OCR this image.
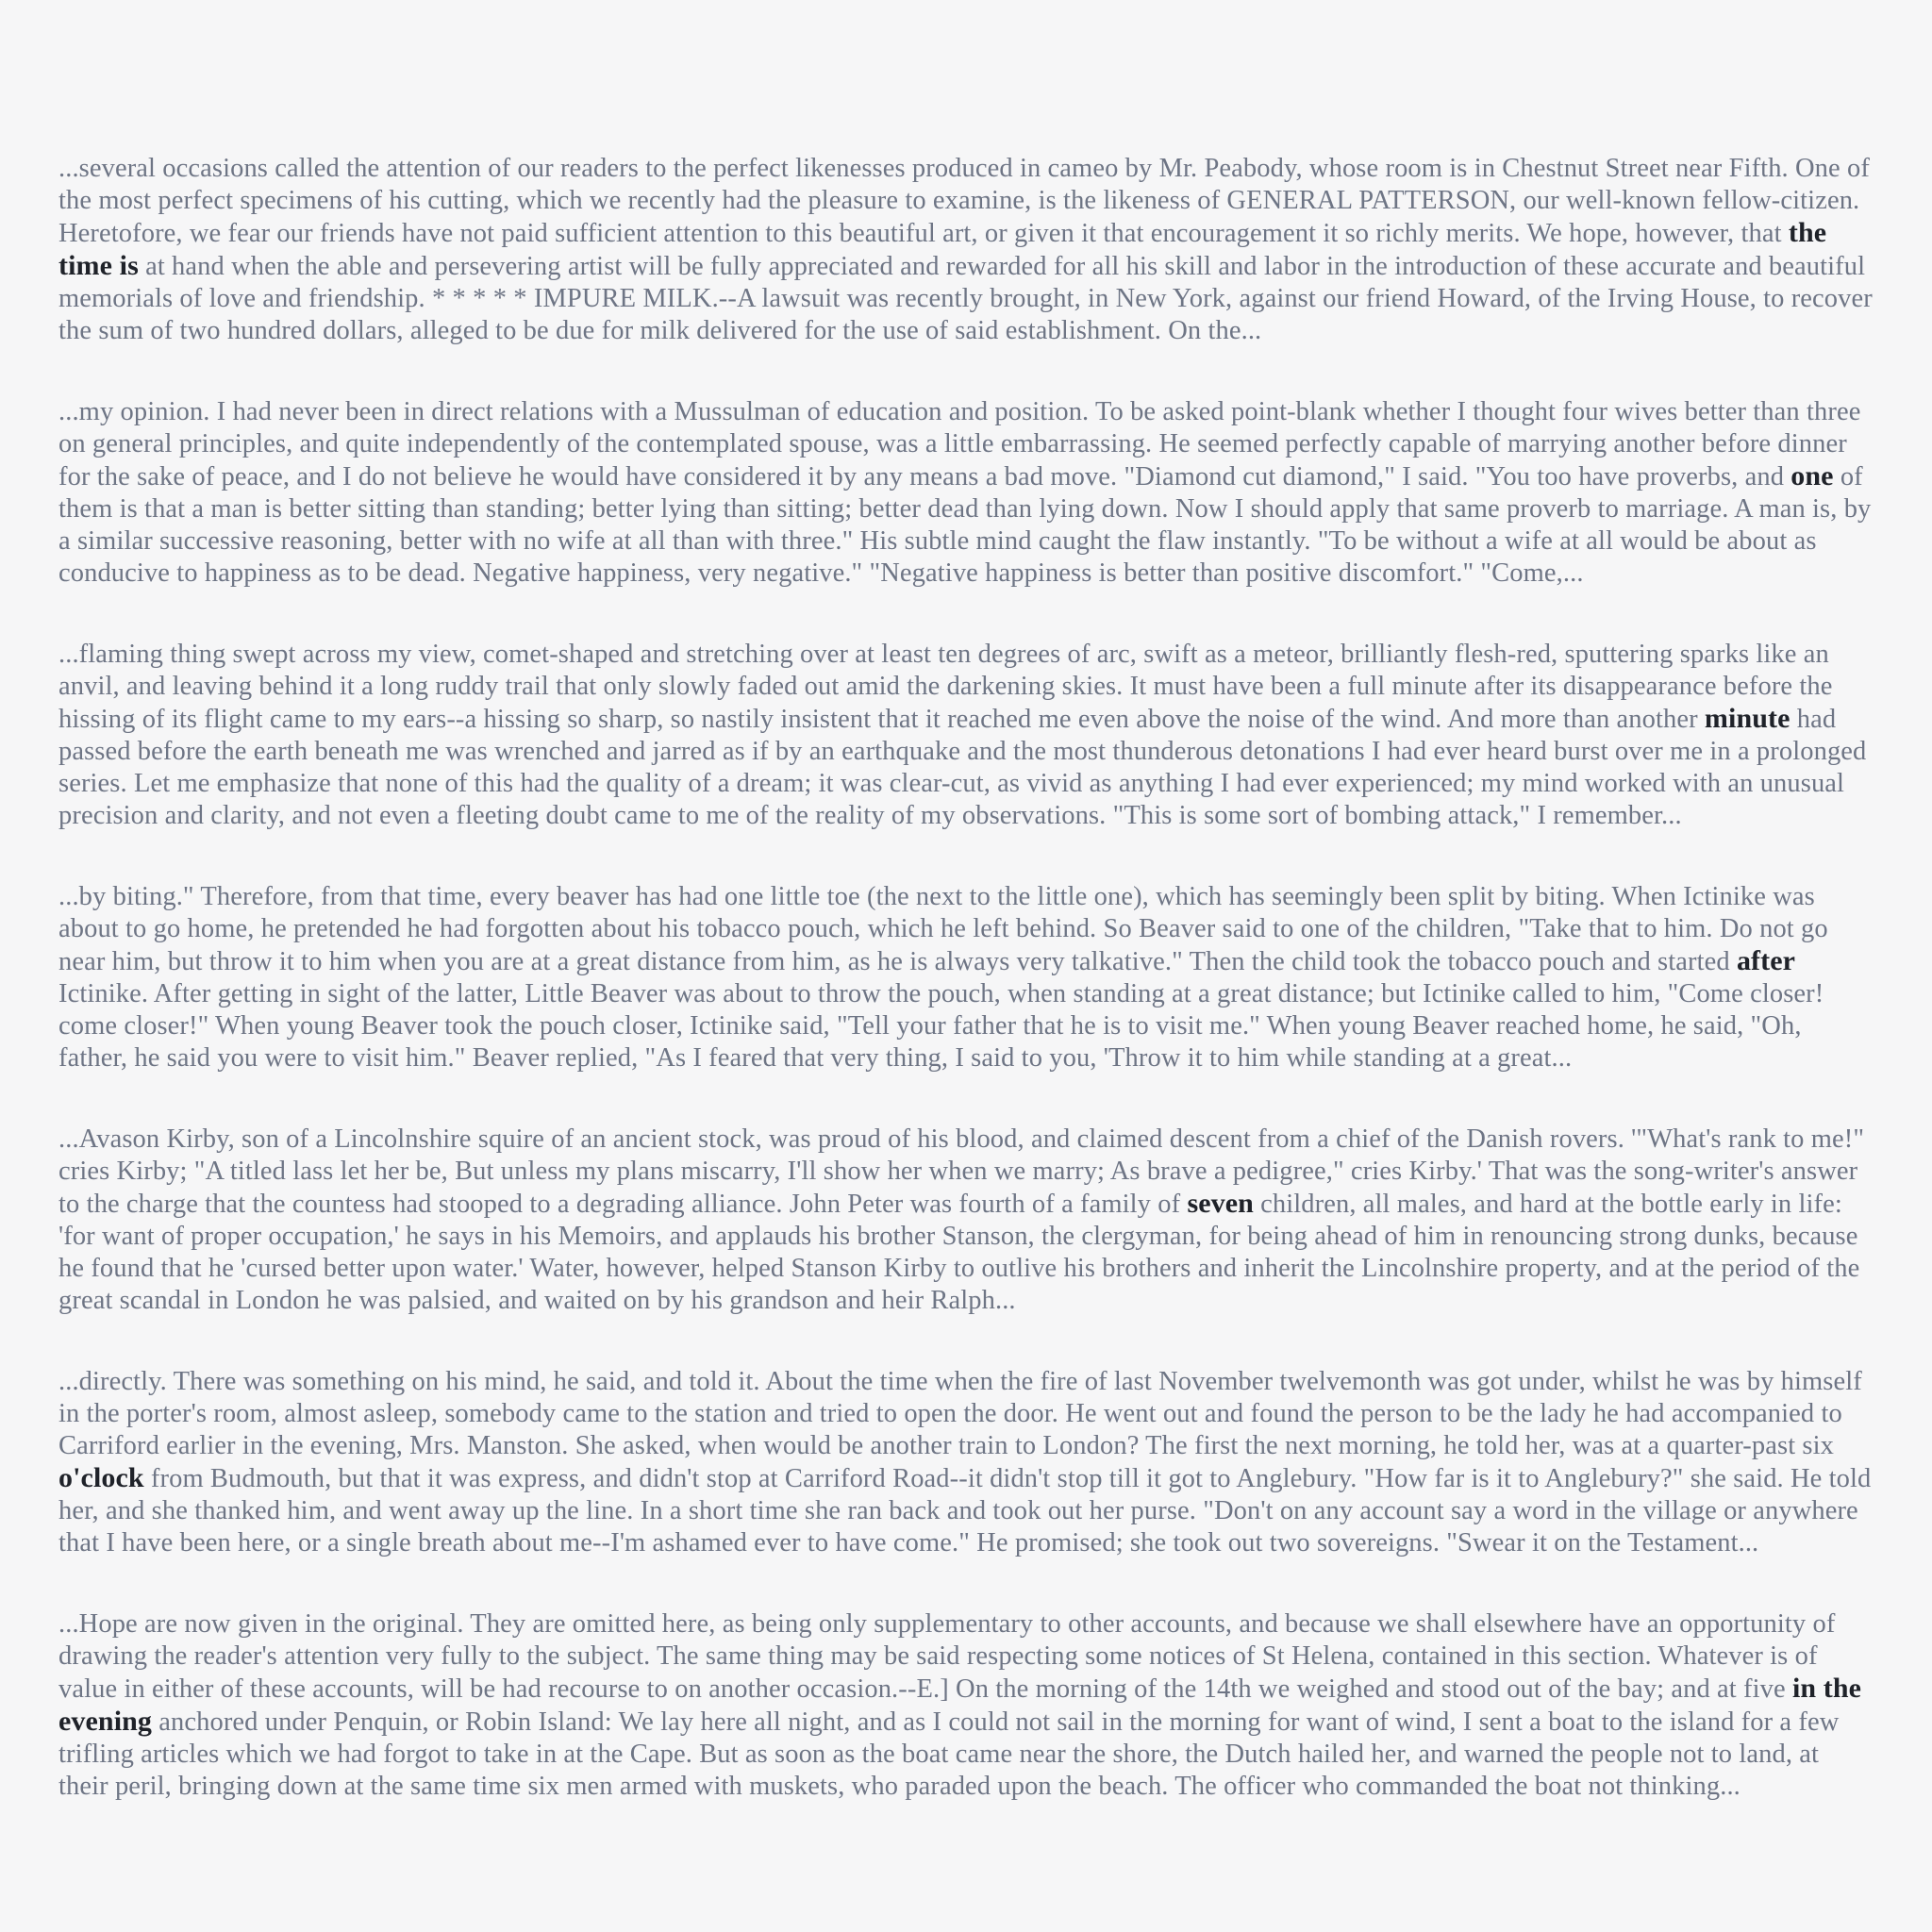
...several occasions called the attention of our readers to the perfect likenesses produced in cameo by Mr. Peabody, whose room is in Chestnut Street near Fifth. One of the most perfect specimens of his cutting, which we recently had the pleasure to examine, is the likeness of GENERAL PATTERSON, our well-known fellow-citizen. Heretofore, we fear our friends have not paid sufficient attention to this beautiful art, or given it that encouragement it so richly merits. We hope, however, that the time is at hand when the able and persevering artist will be fully appreciated and rewarded for all his skill and labor in the introduction of these accurate and beautiful memorials of love and friendship. * * * * * IMPURE MILK.--A lawsuit was recently brought, in New York, against our friend Howard, of the Irving House, to recover the sum of two hundred dollars, alleged to be due for milk delivered for the use of said establishment. On the...

...my opinion. I had never been in direct relations with a Mussulman of education and position. To be asked point-blank whether I thought four wives better than three on general principles, and quite independently of the contemplated spouse, was a little embarrassing. He seemed perfectly capable of marrying another before dinner for the sake of peace, and I do not believe he would have considered it by any means a bad move. "Diamond cut diamond," I said. "You too have proverbs, and one of them is that a man is better sitting than standing; better lying than sitting; better dead than lying down. Now I should apply that same proverb to marriage. A man is, by a similar successive reasoning, better with no wife at all than with three." His subtle mind caught the flaw instantly. "To be without a wife at all would be about as conducive to happiness as to be dead. Negative happiness, very negative." "Negative happiness is better than positive discomfort." "Come,...

...flaming thing swept across my view, comet-shaped and stretching over at least ten degrees of arc, swift as a meteor, brilliantly flesh-red, sputtering sparks like an anvil, and leaving behind it a long ruddy trail that only slowly faded out amid the darkening skies. It must have been a full minute after its disappearance before the hissing of its flight came to my ears--a hissing so sharp, so nastily insistent that it reached me even above the noise of the wind. And more than another minute had passed before the earth beneath me was wrenched and jarred as if by an earthquake and the most thunderous detonations I had ever heard burst over me in a prolonged series. Let me emphasize that none of this had the quality of a dream; it was clear-cut, as vivid as anything I had ever experienced; my mind worked with an unusual precision and clarity, and not even a fleeting doubt came to me of the reality of my observations. "This is some sort of bombing attack," I remember...

...by biting." Therefore, from that time, every beaver has had one little toe (the next to the little one), which has seemingly been split by biting. When Ictinike was about to go home, he pretended he had forgotten about his tobacco pouch, which he left behind. So Beaver said to one of the children, "Take that to him. Do not go near him, but throw it to him when you are at a great distance from him, as he is always very talkative." Then the child took the tobacco pouch and started after Ictinike. After getting in sight of the latter, Little Beaver was about to throw the pouch, when standing at a great distance; but Ictinike called to him, "Come closer! come closer!" When young Beaver took the pouch closer, Ictinike said, "Tell your father that he is to visit me." When young Beaver reached home, he said, "Oh, father, he said you were to visit him." Beaver replied, "As I feared that very thing, I said to you, 'Throw it to him while standing at a great...

...Avason Kirby, son of a Lincolnshire squire of an ancient stock, was proud of his blood, and claimed descent from a chief of the Danish rovers. '"What's rank to me!" cries Kirby; "A titled lass let her be, But unless my plans miscarry, I'll show her when we marry; As brave a pedigree," cries Kirby.' That was the song-writer's answer to the charge that the countess had stooped to a degrading alliance. John Peter was fourth of a family of seven children, all males, and hard at the bottle early in life: 'for want of proper occupation,' he says in his Memoirs, and applauds his brother Stanson, the clergyman, for being ahead of him in renouncing strong dunks, because he found that he 'cursed better upon water.' Water, however, helped Stanson Kirby to outlive his brothers and inherit the Lincolnshire property, and at the period of the great scandal in London he was palsied, and waited on by his grandson and heir Ralph...

...directly. There was something on his mind, he said, and told it. About the time when the fire of last November twelvemonth was got under, whilst he was by himself in the porter's room, almost asleep, somebody came to the station and tried to open the door. He went out and found the person to be the lady he had accompanied to Carriford earlier in the evening, Mrs. Manston. She asked, when would be another train to London? The first the next morning, he told her, was at a quarter-past six o'clock from Budmouth, but that it was express, and didn't stop at Carriford Road--it didn't stop till it got to Anglebury. "How far is it to Anglebury?" she said. He told her, and she thanked him, and went away up the line. In a short time she ran back and took out her purse. "Don't on any account say a word in the village or anywhere that I have been here, or a single breath about me--I'm ashamed ever to have come." He promised; she took out two sovereigns. "Swear it on the Testament...

...Hope are now given in the original. They are omitted here, as being only supplementary to other accounts, and because we shall elsewhere have an opportunity of drawing the reader's attention very fully to the subject. The same thing may be said respecting some notices of St Helena, contained in this section. Whatever is of value in either of these accounts, will be had recourse to on another occasion.--E.] On the morning of the 14th we weighed and stood out of the bay; and at five in the evening anchored under Penquin, or Robin Island: We lay here all night, and as I could not sail in the morning for want of wind, I sent a boat to the island for a few trifling articles which we had forgot to take in at the Cape. But as soon as the boat came near the shore, the Dutch hailed her, and warned the people not to land, at their peril, bringing down at the same time six men armed with muskets, who paraded upon the beach. The officer who commanded the boat not thinking...
